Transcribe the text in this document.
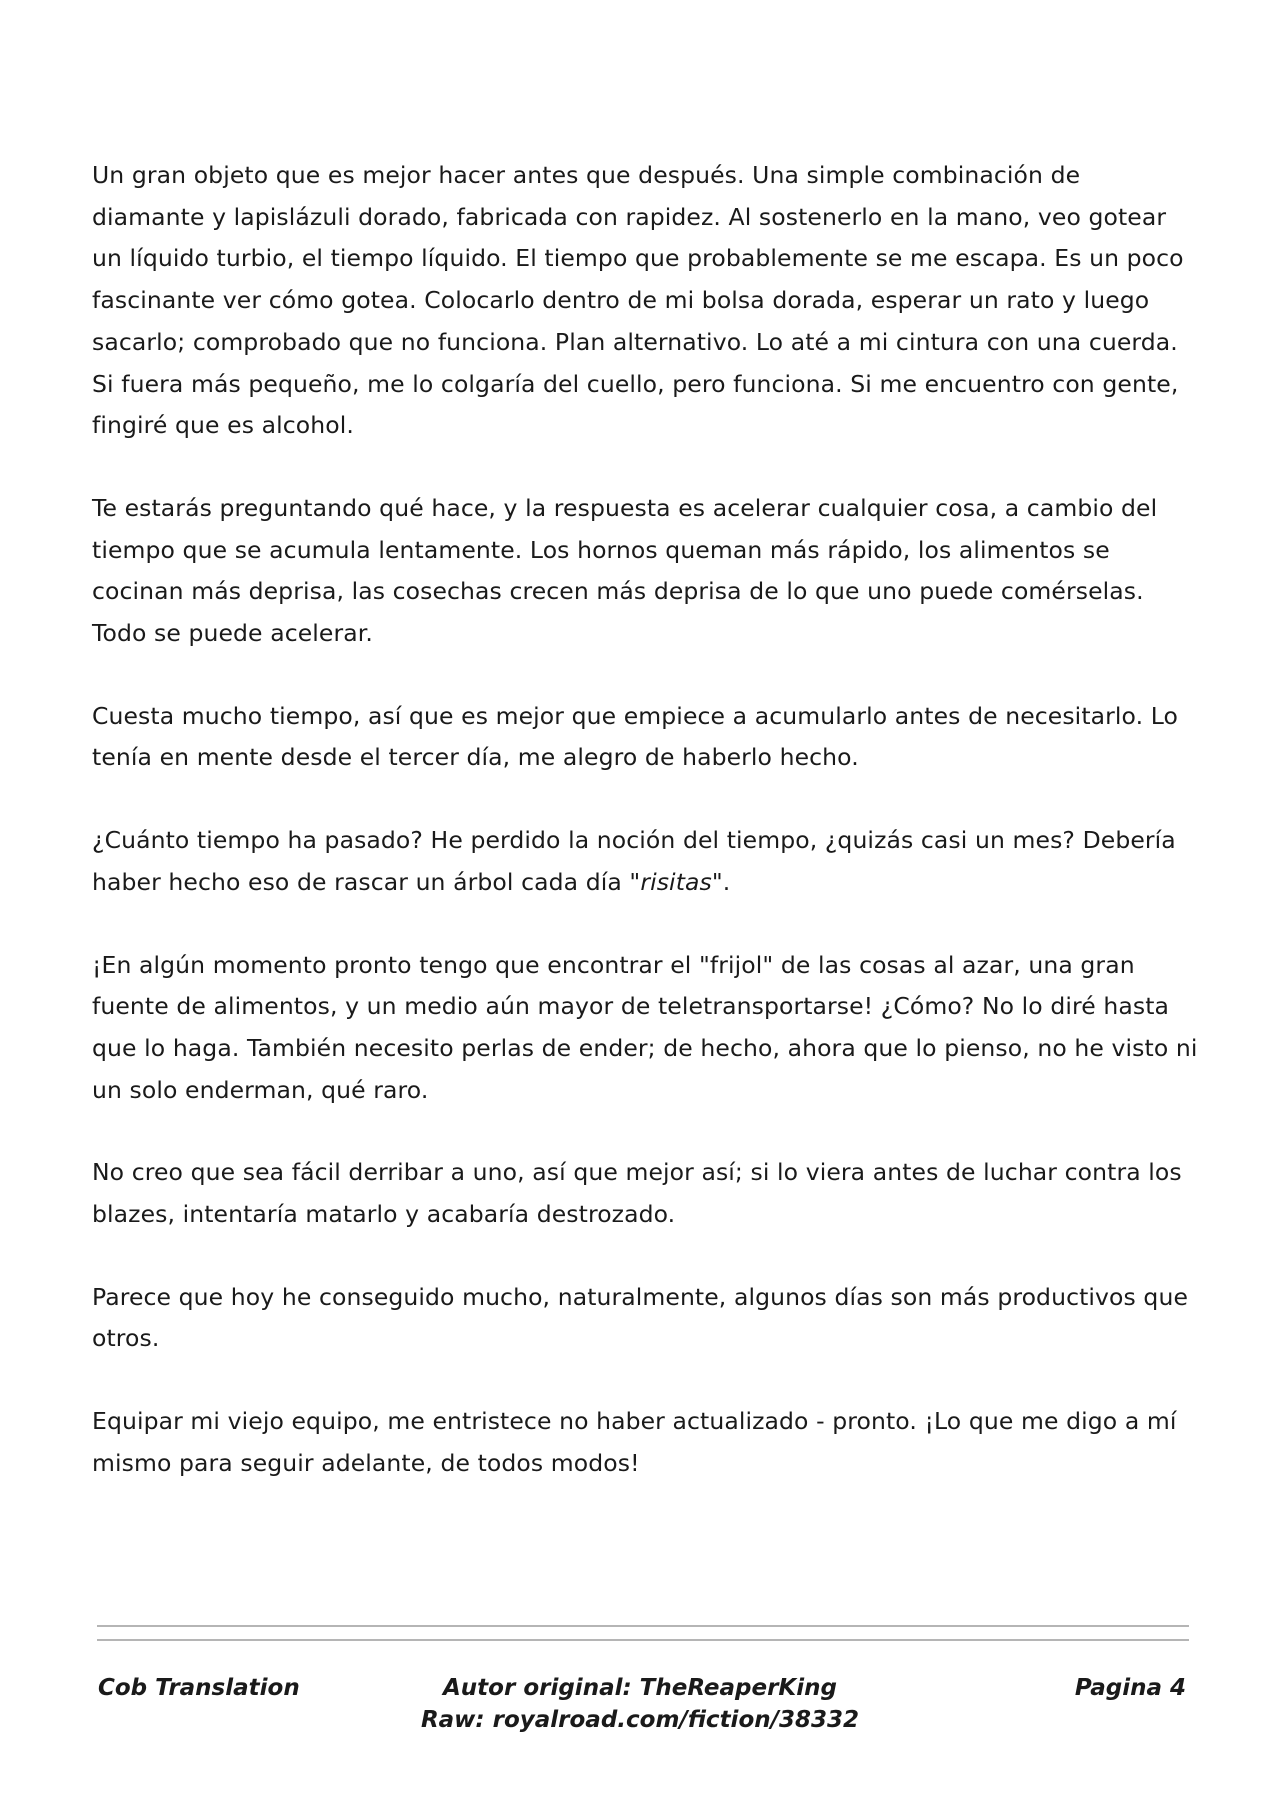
Un gran objeto que es mejor hacer antes que después. Una simple combinación de diamante y lapislázuli dorado, fabricada con rapidez. Al sostenerlo en la mano, veo gotear un líquido turbio, el tiempo líquido. El tiempo que probablemente se me escapa. Es un poco fascinante ver cómo gotea. Colocarlo dentro de mi bolsa dorada, esperar un rato y luego sacarlo; comprobado que no funciona. Plan alternativo. Lo até a mi cintura con una cuerda. Si fuera más pequeño, me lo colgaría del cuello, pero funciona. Si me encuentro con gente, fingiré que es alcohol.

Te estarás preguntando qué hace, y la respuesta es acelerar cualquier cosa, a cambio del tiempo que se acumula lentamente. Los hornos queman más rápido, los alimentos se cocinan más deprisa, las cosechas crecen más deprisa de lo que uno puede comérselas. Todo se puede acelerar.

Cuesta mucho tiempo, así que es mejor que empiece a acumularlo antes de necesitarlo. Lo tenía en mente desde el tercer día, me alegro de haberlo hecho.

¿Cuánto tiempo ha pasado? He perdido la noción del tiempo, ¿quizás casi un mes? Debería haber hecho eso de rascar un árbol cada día "risitas".

¡En algún momento pronto tengo que encontrar el "frijol" de las cosas al azar, una gran fuente de alimentos, y un medio aún mayor de teletransportarse! ¿Cómo? No lo diré hasta que lo haga. También necesito perlas de ender; de hecho, ahora que lo pienso, no he visto ni un solo enderman, qué raro.

No creo que sea fácil derribar a uno, así que mejor así; si lo viera antes de luchar contra los blazes, intentaría matarlo y acabaría destrozado.

Parece que hoy he conseguido mucho, naturalmente, algunos días son más productivos que otros.

Equipar mi viejo equipo, me entristece no haber actualizado - pronto. ¡Lo que me digo a mí mismo para seguir adelante, de todos modos!

Cob Translation	Autor original: TheReaperKing
Raw: royalroad.com/fiction/38332
Pagina 4
